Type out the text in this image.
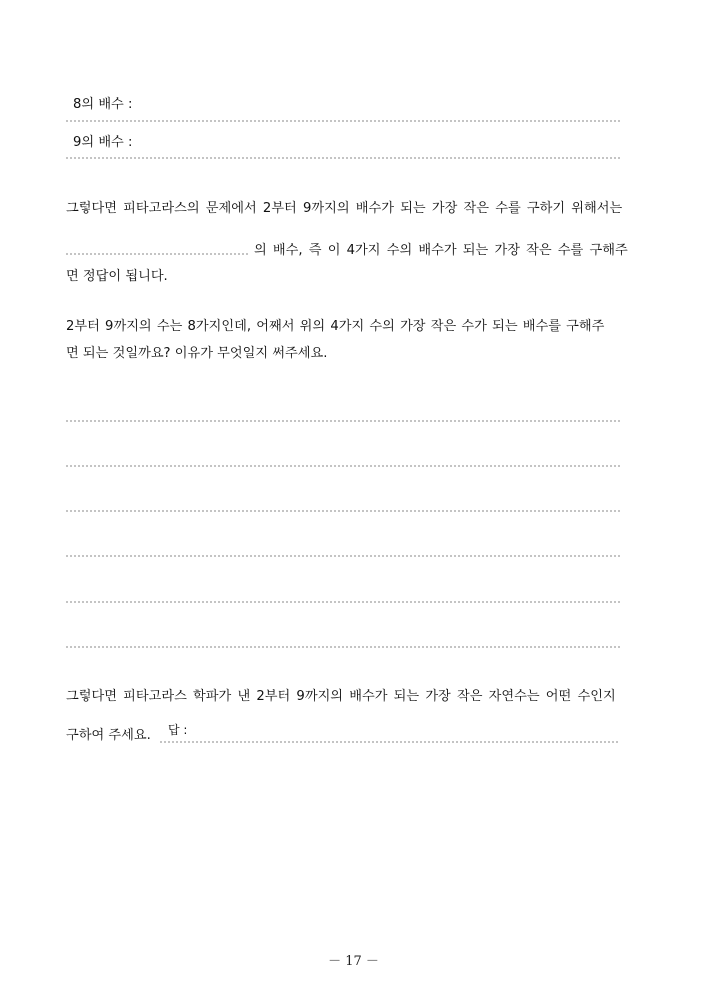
8의 배수 :
9의 배수 :
그렇다면 피타고라스의 문제에서 2부터 9까지의 배수가 되는 가장 작은 수를 구하기 위해서는
의 배수, 즉 이 4가지 수의 배수가 되는 가장 작은 수를 구해주
면 정답이 됩니다.
2부터 9까지의 수는 8가지인데, 어째서 위의 4가지 수의 가장 작은 수가 되는 배수를 구해주
면 되는 것일까요? 이유가 무엇일지 써주세요.
그렇다면 피타고라스 학파가 낸 2부터 9까지의 배수가 되는 가장 작은 자연수는 어떤 수인지
구하여 주세요. 답 :
－ 17 －
